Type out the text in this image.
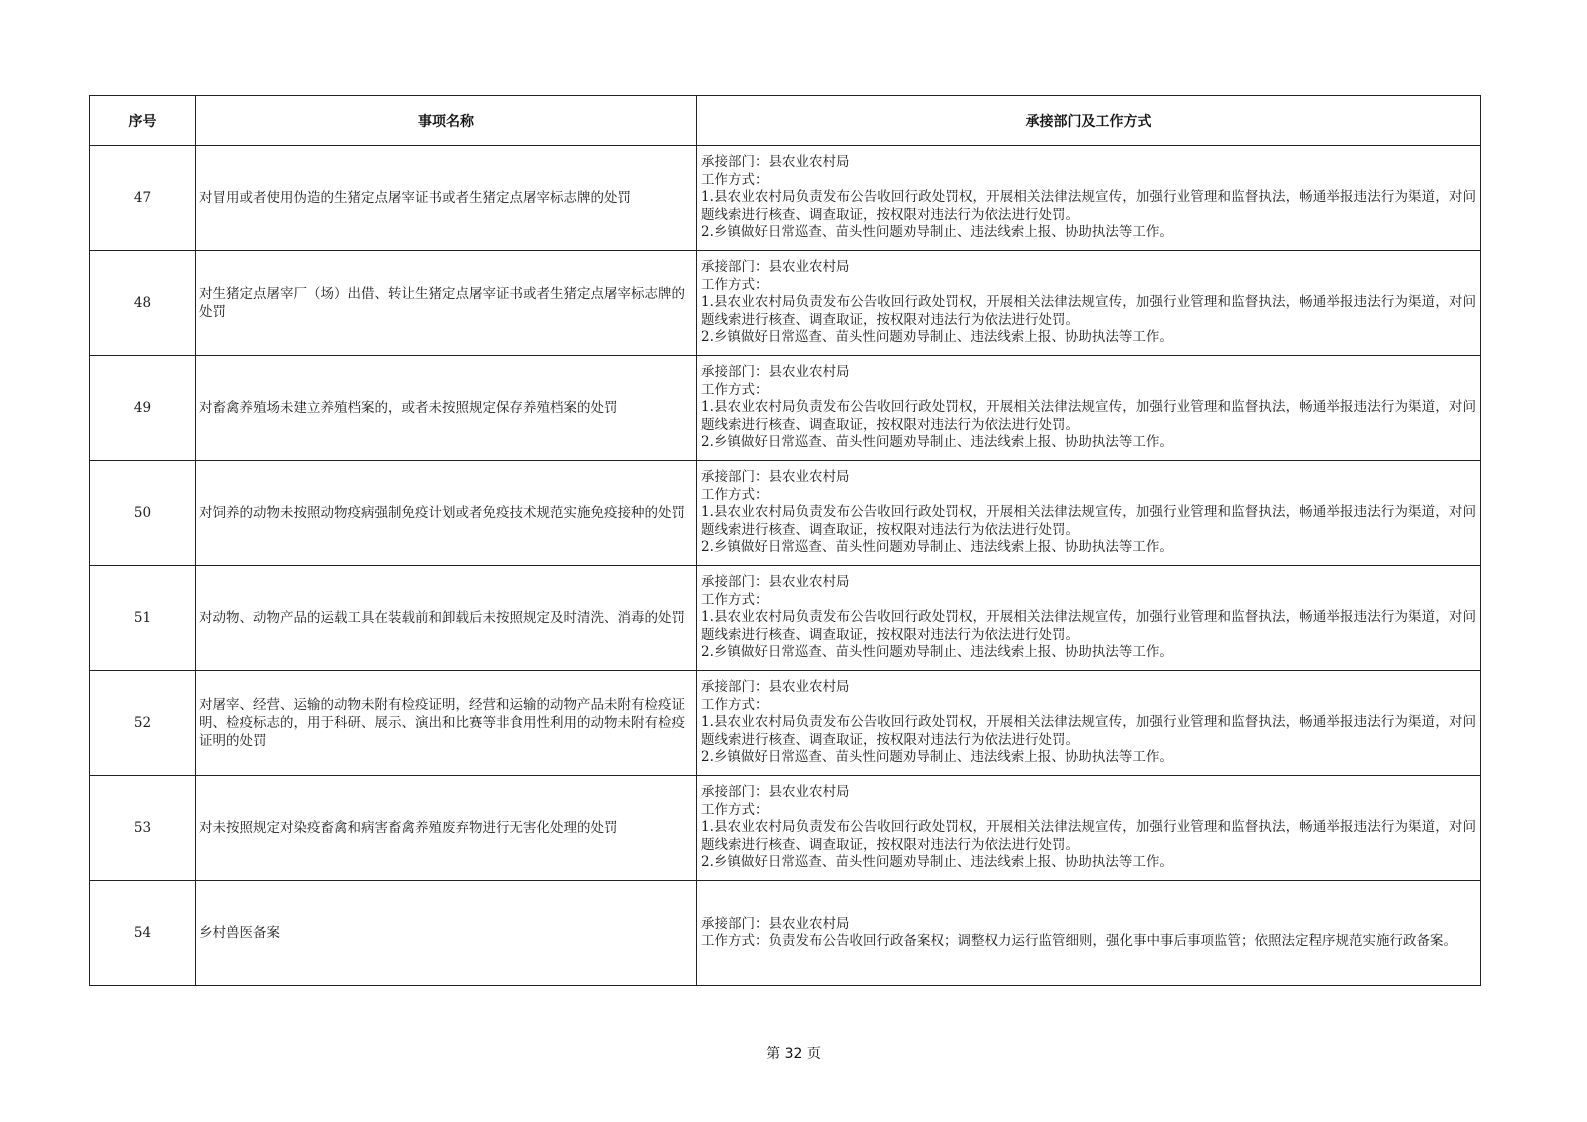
序号	事项名称	承接部门及工作方式
47	对冒用或者使用伪造的生猪定点屠宰证书或者生猪定点屠宰标志牌的处罚	承接部门：县农业农村局
工作方式：
1.县农业农村局负责发布公告收回行政处罚权，开展相关法律法规宣传，加强行业管理和监督执法，畅通举报违法行为渠道，对问题线索进行核查、调查取证，按权限对违法行为依法进行处罚。
2.乡镇做好日常巡查、苗头性问题劝导制止、违法线索上报、协助执法等工作。

48	对生猪定点屠宰厂（场）出借、转让生猪定点屠宰证书或者生猪定点屠宰标志牌的处罚	承接部门：县农业农村局
工作方式：
1.县农业农村局负责发布公告收回行政处罚权，开展相关法律法规宣传，加强行业管理和监督执法，畅通举报违法行为渠道，对问题线索进行核查、调查取证，按权限对违法行为依法进行处罚。
2.乡镇做好日常巡查、苗头性问题劝导制止、违法线索上报、协助执法等工作。

49	对畜禽养殖场未建立养殖档案的，或者未按照规定保存养殖档案的处罚	承接部门：县农业农村局
工作方式：
1.县农业农村局负责发布公告收回行政处罚权，开展相关法律法规宣传，加强行业管理和监督执法，畅通举报违法行为渠道，对问题线索进行核查、调查取证，按权限对违法行为依法进行处罚。
2.乡镇做好日常巡查、苗头性问题劝导制止、违法线索上报、协助执法等工作。

50	对饲养的动物未按照动物疫病强制免疫计划或者免疫技术规范实施免疫接种的处罚	承接部门：县农业农村局
工作方式：
1.县农业农村局负责发布公告收回行政处罚权，开展相关法律法规宣传，加强行业管理和监督执法，畅通举报违法行为渠道，对问题线索进行核查、调查取证，按权限对违法行为依法进行处罚。
2.乡镇做好日常巡查、苗头性问题劝导制止、违法线索上报、协助执法等工作。

51	对动物、动物产品的运载工具在装载前和卸载后未按照规定及时清洗、消毒的处罚	承接部门：县农业农村局
工作方式：
1.县农业农村局负责发布公告收回行政处罚权，开展相关法律法规宣传，加强行业管理和监督执法，畅通举报违法行为渠道，对问题线索进行核查、调查取证，按权限对违法行为依法进行处罚。
2.乡镇做好日常巡查、苗头性问题劝导制止、违法线索上报、协助执法等工作。

52	对屠宰、经营、运输的动物未附有检疫证明，经营和运输的动物产品未附有检疫证明、检疫标志的，用于科研、展示、演出和比赛等非食用性利用的动物未附有检疫证明的处罚	承接部门：县农业农村局
工作方式：
1.县农业农村局负责发布公告收回行政处罚权，开展相关法律法规宣传，加强行业管理和监督执法，畅通举报违法行为渠道，对问题线索进行核查、调查取证，按权限对违法行为依法进行处罚。
2.乡镇做好日常巡查、苗头性问题劝导制止、违法线索上报、协助执法等工作。

53	对未按照规定对染疫畜禽和病害畜禽养殖废弃物进行无害化处理的处罚	承接部门：县农业农村局
工作方式：
1.县农业农村局负责发布公告收回行政处罚权，开展相关法律法规宣传，加强行业管理和监督执法，畅通举报违法行为渠道，对问题线索进行核查、调查取证，按权限对违法行为依法进行处罚。
2.乡镇做好日常巡查、苗头性问题劝导制止、违法线索上报、协助执法等工作。

54	乡村兽医备案	承接部门：县农业农村局
工作方式：负责发布公告收回行政备案权；调整权力运行监管细则，强化事中事后事项监管；依照法定程序规范实施行政备案。
第 32 页
